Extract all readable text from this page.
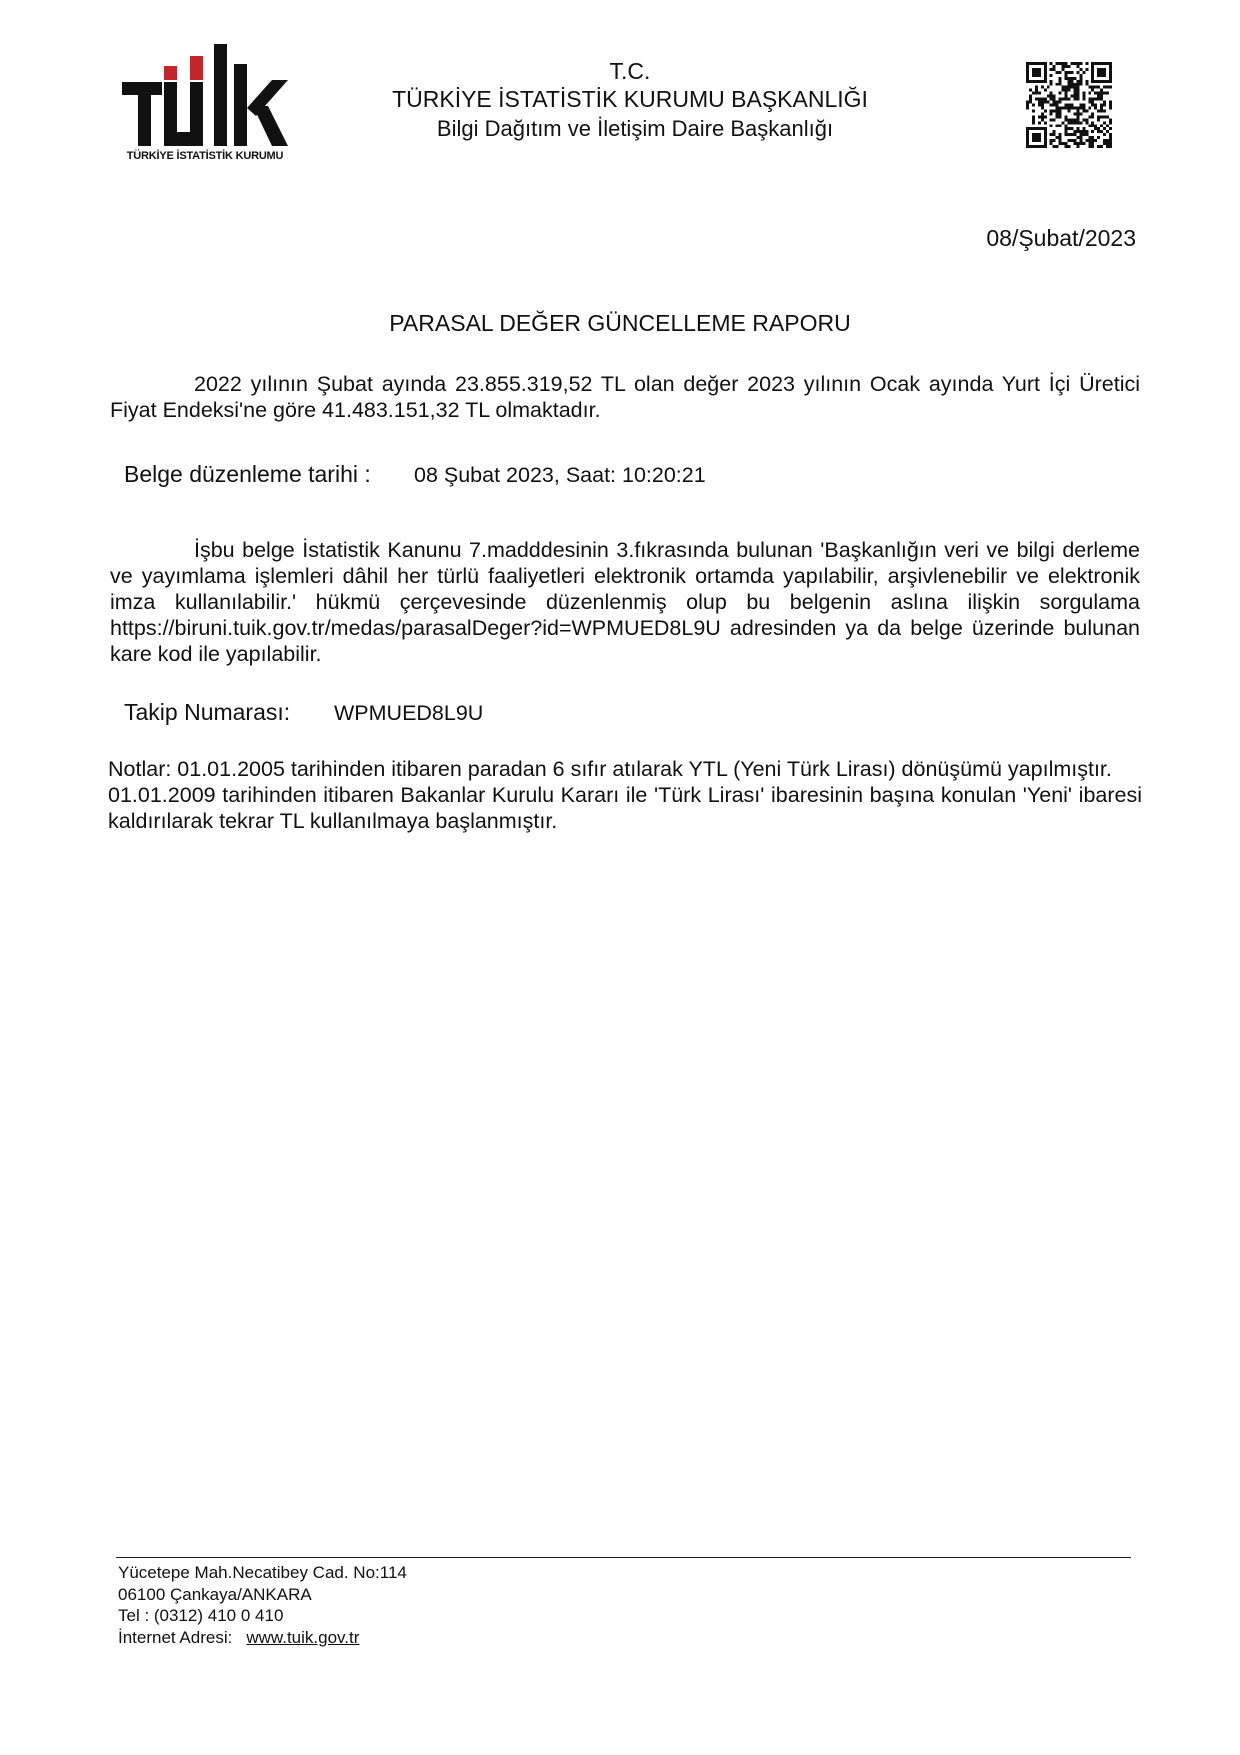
TÜRKİYE İSTATİSTİK KURUMU
T.C.
TÜRKİYE İSTATİSTİK KURUMU BAŞKANLIĞI
Bilgi Dağıtım ve İletişim Daire Başkanlığı
08/Şubat/2023
PARASAL DEĞER GÜNCELLEME RAPORU
2022 yılının Şubat ayında 23.855.319,52 TL olan değer 2023 yılının Ocak ayında Yurt İçi Üretici Fiyat Endeksi'ne göre 41.483.151,32 TL olmaktadır.
Belge düzenleme tarihi : 08 Şubat 2023, Saat: 10:20:21
İşbu belge İstatistik Kanunu 7.madddesinin 3.fıkrasında bulunan 'Başkanlığın veri ve bilgi derleme ve yayımlama işlemleri dâhil her türlü faaliyetleri elektronik ortamda yapılabilir, arşivlenebilir ve elektronik imza kullanılabilir.' hükmü çerçevesinde düzenlenmiş olup bu belgenin aslına ilişkin sorgulama https://biruni.tuik.gov.tr/medas/parasalDeger?id=WPMUED8L9U adresinden ya da belge üzerinde bulunan kare kod ile yapılabilir.
Takip Numarası: WPMUED8L9U

Notlar: 01.01.2005 tarihinden itibaren paradan 6 sıfır atılarak YTL (Yeni Türk Lirası) dönüşümü yapılmıştır.

01.01.2009 tarihinden itibaren Bakanlar Kurulu Kararı ile 'Türk Lirası' ibaresinin başına konulan 'Yeni' ibaresi kaldırılarak tekrar TL kullanılmaya başlanmıştır.

Yücetepe Mah.Necatibey Cad. No:114
06100 Çankaya/ANKARA
Tel : (0312) 410 0 410
İnternet Adresi: www.tuik.gov.tr
